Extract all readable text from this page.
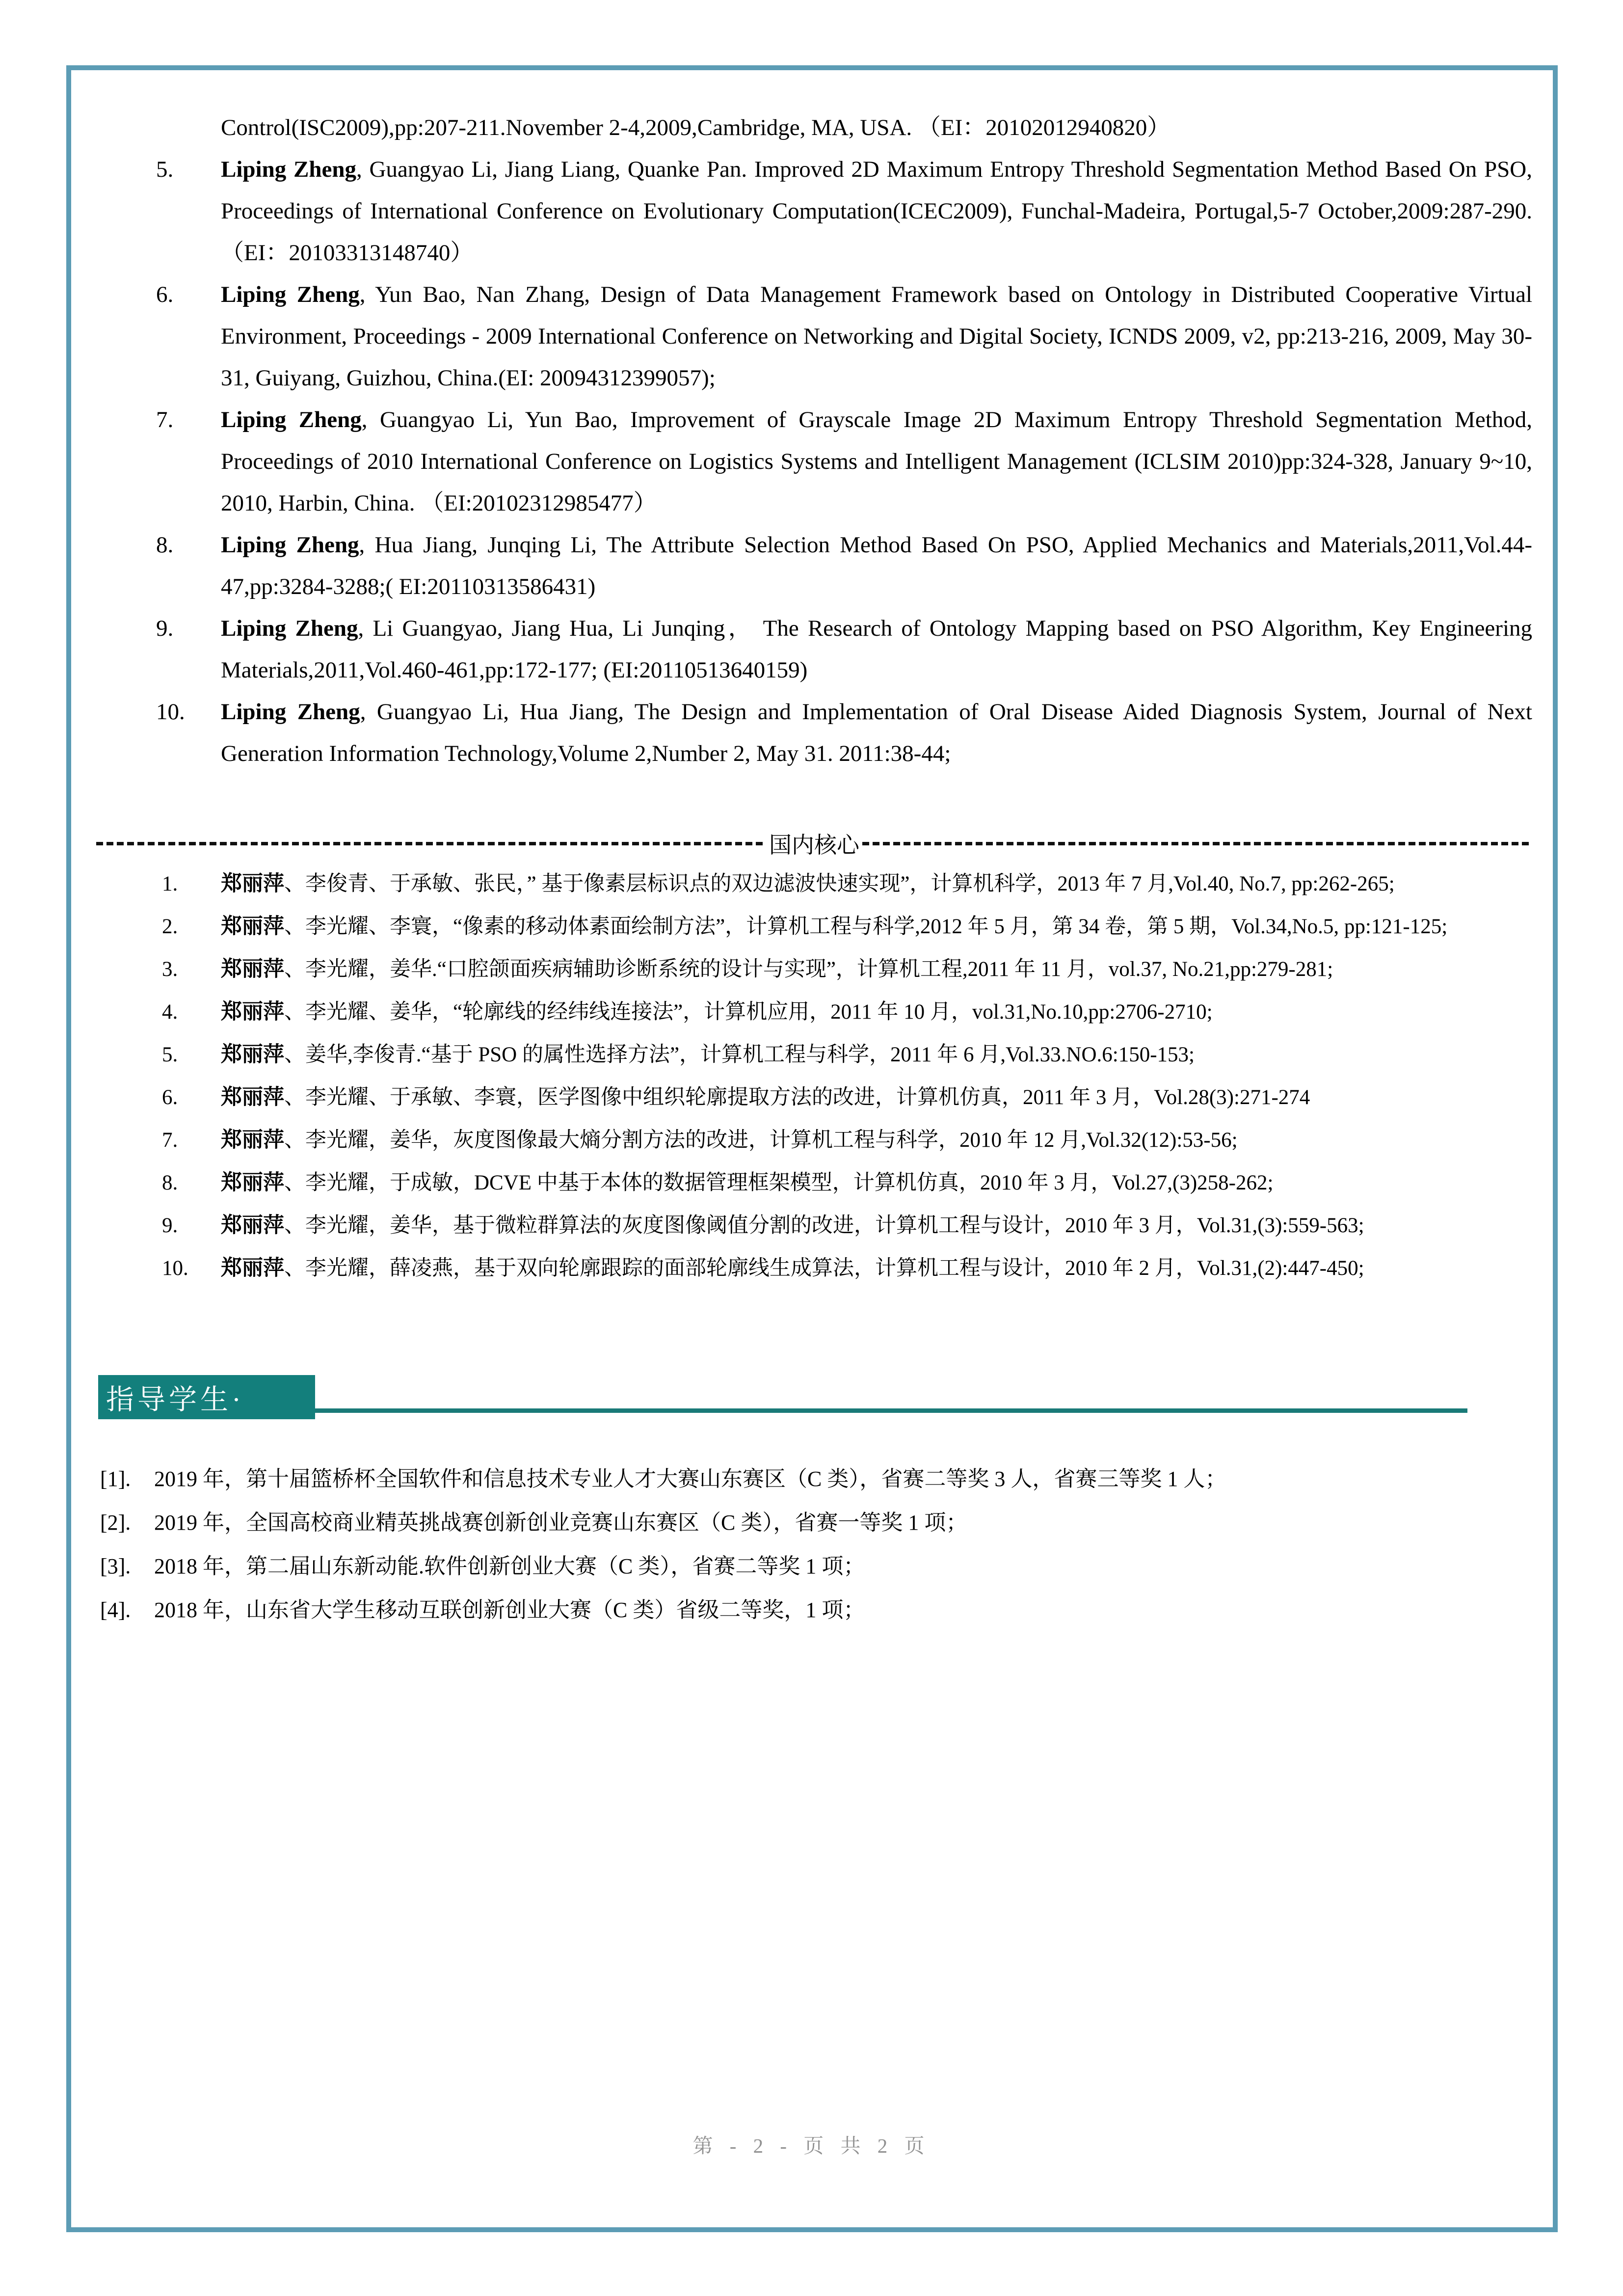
Control(ISC2009),pp:207-211.November 2-4,2009,Cambridge, MA, USA. （EI：20102012940820）

5.	Liping Zheng, Guangyao Li, Jiang Liang, Quanke Pan. Improved 2D Maximum Entropy Threshold Segmentation Method Based On PSO, Proceedings of International Conference on Evolutionary Computation(ICEC2009), Funchal-Madeira, Portugal,5-7 October,2009:287-290. （EI：20103313148740）
6.	Liping Zheng, Yun Bao, Nan Zhang, Design of Data Management Framework based on Ontology in Distributed Cooperative Virtual Environment, Proceedings - 2009 International Conference on Networking and Digital Society, ICNDS 2009, v2, pp:213-216, 2009, May 30-31, Guiyang, Guizhou, China.(EI: 20094312399057);
7.	Liping Zheng, Guangyao Li, Yun Bao, Improvement of Grayscale Image 2D Maximum Entropy Threshold Segmentation Method, Proceedings of 2010 International Conference on Logistics Systems and Intelligent Management (ICLSIM 2010)pp:324-328, January 9~10, 2010, Harbin, China. （EI:20102312985477）
8.	Liping Zheng, Hua Jiang, Junqing Li, The Attribute Selection Method Based On PSO, Applied Mechanics and Materials,2011,Vol.44-47,pp:3284-3288;( EI:20110313586431)
9.	Liping Zheng, Li Guangyao, Jiang Hua, Li Junqing， The Research of Ontology Mapping based on PSO Algorithm, Key Engineering Materials,2011,Vol.460-461,pp:172-177; (EI:20110513640159)
10.	Liping Zheng, Guangyao Li, Hua Jiang, The Design and Implementation of Oral Disease Aided Diagnosis System, Journal of Next Generation Information Technology,Volume 2,Number 2, May 31. 2011:38-44;
国内核心
1.	郑丽萍、李俊青、于承敏、张民，” 基于像素层标识点的双边滤波快速实现”，计算机科学，2013 年 7 月,Vol.40, No.7, pp:262-265;
2.	郑丽萍、李光耀、李寰，“像素的移动体素面绘制方法”，计算机工程与科学,2012 年 5 月，第 34 卷，第 5 期，Vol.34,No.5, pp:121-125;
3.	郑丽萍、李光耀，姜华.“口腔颌面疾病辅助诊断系统的设计与实现”，计算机工程,2011 年 11 月，vol.37, No.21,pp:279-281;
4.	郑丽萍、李光耀、姜华，“轮廓线的经纬线连接法”，计算机应用，2011 年 10 月，vol.31,No.10,pp:2706-2710;
5.	郑丽萍、姜华,李俊青.“基于 PSO 的属性选择方法”，计算机工程与科学，2011 年 6 月,Vol.33.NO.6:150-153;
6.	郑丽萍、李光耀、于承敏、李寰，医学图像中组织轮廓提取方法的改进，计算机仿真，2011 年 3 月，Vol.28(3):271-274
7.	郑丽萍、李光耀，姜华，灰度图像最大熵分割方法的改进，计算机工程与科学，2010 年 12 月,Vol.32(12):53-56;
8.	郑丽萍、李光耀，于成敏，DCVE 中基于本体的数据管理框架模型，计算机仿真，2010 年 3 月，Vol.27,(3)258-262;
9.	郑丽萍、李光耀，姜华，基于微粒群算法的灰度图像阈值分割的改进，计算机工程与设计，2010 年 3 月，Vol.31,(3):559-563;
10.	郑丽萍、李光耀，薛凌燕，基于双向轮廓跟踪的面部轮廓线生成算法，计算机工程与设计，2010 年 2 月，Vol.31,(2):447-450;
指导学生·
[1].	2019 年，第十届篮桥杯全国软件和信息技术专业人才大赛山东赛区（C 类），省赛二等奖 3 人，省赛三等奖 1 人；
[2].	2019 年，全国高校商业精英挑战赛创新创业竞赛山东赛区（C 类），省赛一等奖 1 项；
[3].	2018 年，第二届山东新动能.软件创新创业大赛（C 类），省赛二等奖 1 项；
[4].	2018 年，山东省大学生移动互联创新创业大赛（C 类）省级二等奖，1 项；
第 - 2 - 页 共 2 页
